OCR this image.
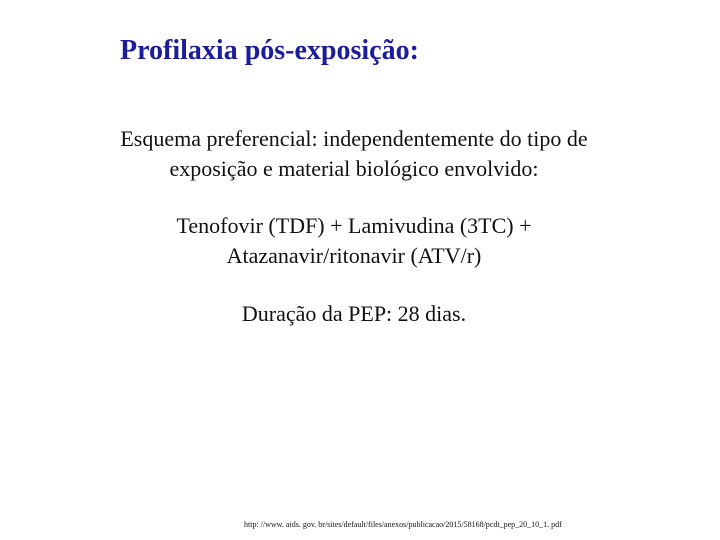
Profilaxia pós-exposição:

Esquema preferencial: independentemente do tipo de
exposição e material biológico envolvido:

Tenofovir (TDF) + Lamivudina (3TC) +
Atazanavir/ritonavir (ATV/r)

Duração da PEP: 28 dias.

http: //www. aids. gov. br/sites/default/files/anexos/publicacao/2015/58168/pcdt_pep_20_10_1. pdf
